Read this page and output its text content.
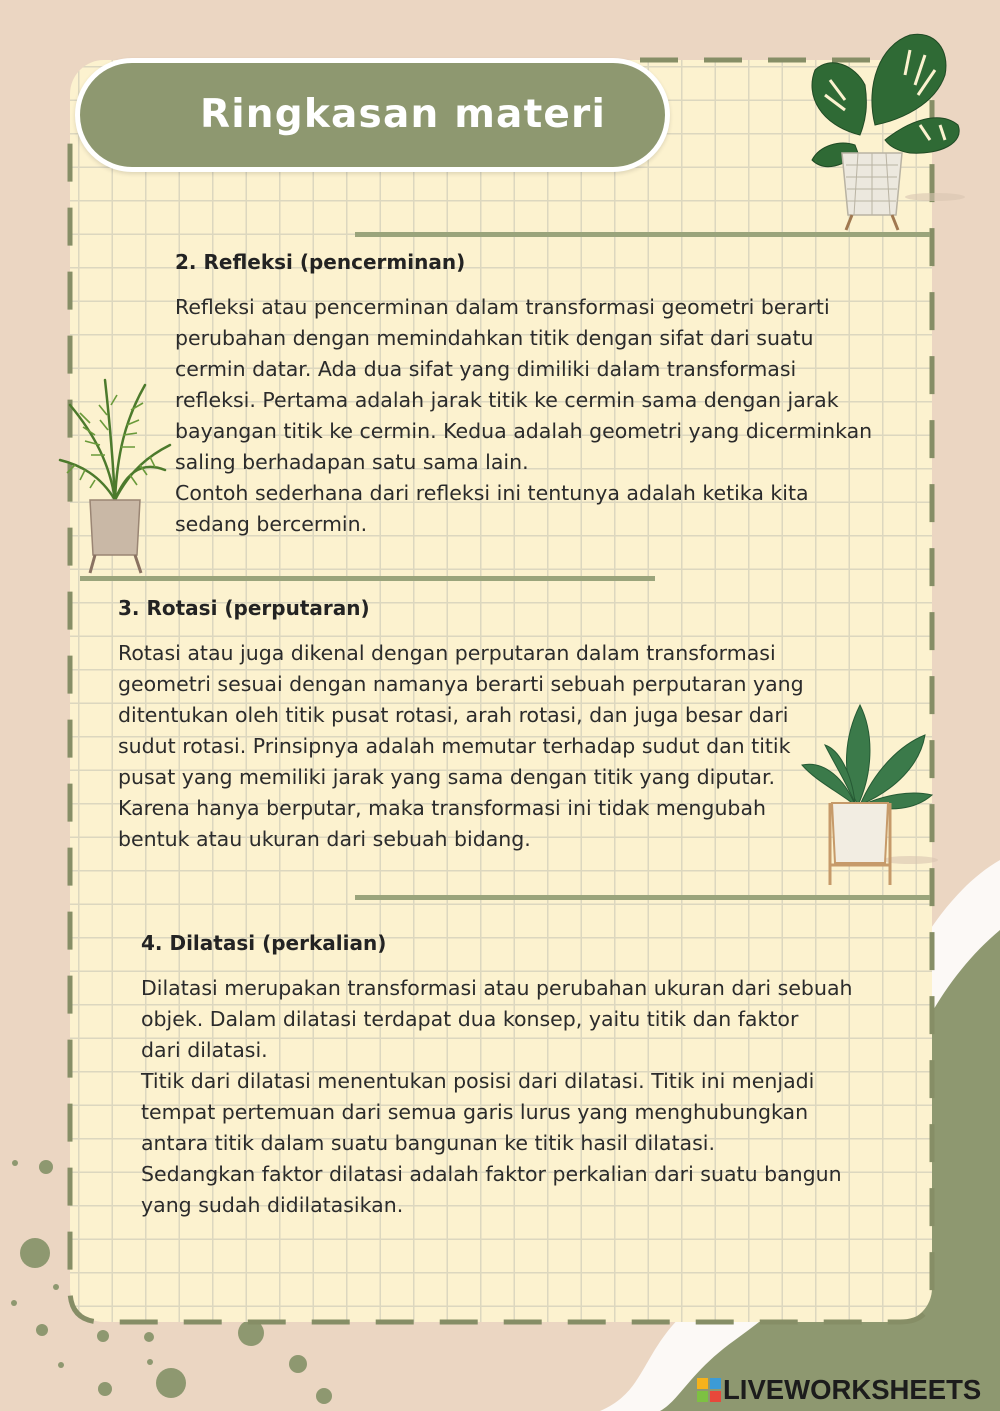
Ringkasan materi
2. Refleksi (pencerminan)
Refleksi atau pencerminan dalam transformasi geometri berarti
perubahan dengan memindahkan titik dengan sifat dari suatu
cermin datar. Ada dua sifat yang dimiliki dalam transformasi
refleksi. Pertama adalah jarak titik ke cermin sama dengan jarak
bayangan titik ke cermin. Kedua adalah geometri yang dicerminkan
saling berhadapan satu sama lain.
Contoh sederhana dari refleksi ini tentunya adalah ketika kita
sedang bercermin.
3. Rotasi (perputaran)
Rotasi atau juga dikenal dengan perputaran dalam transformasi
geometri sesuai dengan namanya berarti sebuah perputaran yang
ditentukan oleh titik pusat rotasi, arah rotasi, dan juga besar dari
sudut rotasi. Prinsipnya adalah memutar terhadap sudut dan titik
pusat yang memiliki jarak yang sama dengan titik yang diputar.
Karena hanya berputar, maka transformasi ini tidak mengubah
bentuk atau ukuran dari sebuah bidang.
4. Dilatasi (perkalian)
Dilatasi merupakan transformasi atau perubahan ukuran dari sebuah
objek. Dalam dilatasi terdapat dua konsep, yaitu titik dan faktor
dari dilatasi.
Titik dari dilatasi menentukan posisi dari dilatasi. Titik ini menjadi
tempat pertemuan dari semua garis lurus yang menghubungkan
antara titik dalam suatu bangunan ke titik hasil dilatasi.
Sedangkan faktor dilatasi adalah faktor perkalian dari suatu bangun
yang sudah didilatasikan.
LIVEWORKSHEETS
